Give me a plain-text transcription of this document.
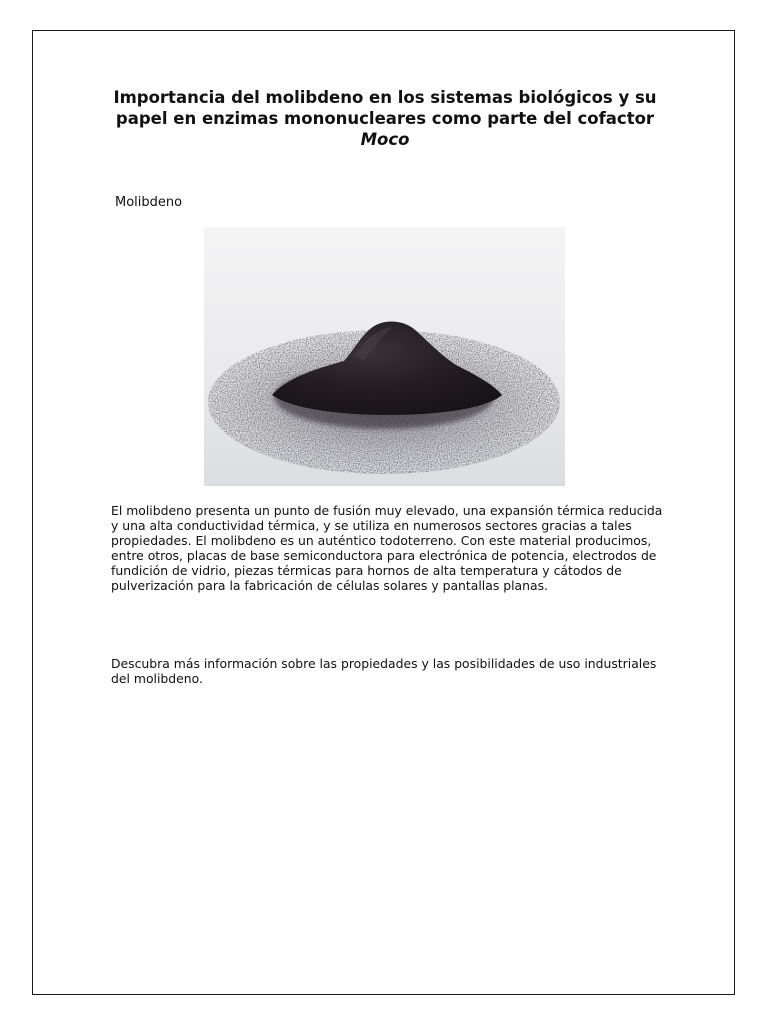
Importancia del molibdeno en los sistemas biológicos y su papel en enzimas mononucleares como parte del cofactor Moco

Molibdeno

El molibdeno presenta un punto de fusión muy elevado, una expansión térmica reducida y una alta conductividad térmica, y se utiliza en numerosos sectores gracias a tales propiedades. El molibdeno es un auténtico todoterreno. Con este material producimos, entre otros, placas de base semiconductora para electrónica de potencia, electrodos de fundición de vidrio, piezas térmicas para hornos de alta temperatura y cátodos de pulverización para la fabricación de células solares y pantallas planas.

Descubra más información sobre las propiedades y las posibilidades de uso industriales del molibdeno.
